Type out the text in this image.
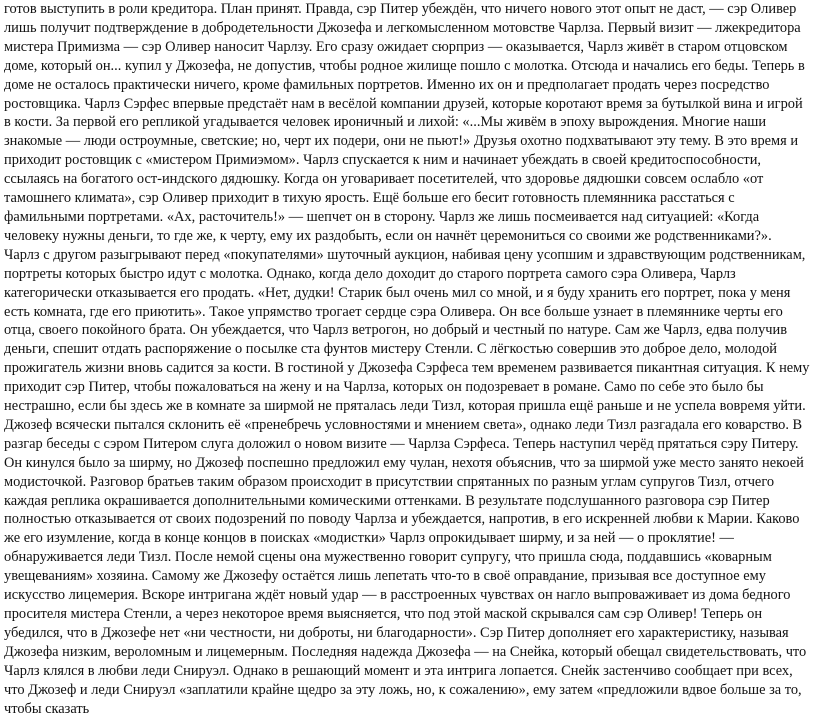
готов выступить в роли кредитора. План принят. Правда, сэр Питер убеждён, что ничего нового этот опыт не даст, — сэр Оливер лишь получит подтверждение в добродетельности Джозефа и легкомысленном мотовстве Чарлза. Первый визит — лжекредитора мистера Примизма — сэр Оливер наносит Чарлзу. Его сразу ожидает сюрприз — оказывается, Чарлз живёт в старом отцовском доме, который он... купил у Джозефа, не допустив, чтобы родное жилище пошло с молотка. Отсюда и начались его беды. Теперь в доме не осталось практически ничего, кроме фамильных портретов. Именно их он и предполагает продать через посредство ростовщика. Чарлз Сэрфес впервые предстаёт нам в весёлой компании друзей, которые коротают время за бутылкой вина и игрой в кости. За первой его репликой угадывается человек ироничный и лихой: «...Мы живём в эпоху вырождения. Многие наши знакомые — люди остроумные, светские; но, черт их подери, они не пьют!» Друзья охотно подхватывают эту тему. В это время и приходит ростовщик с «мистером Примиэмом». Чарлз спускается к ним и начинает убеждать в своей кредитоспособности, ссылаясь на богатого ост-индского дядюшку. Когда он уговаривает посетителей, что здоровье дядюшки совсем ослабло «от тамошнего климата», сэр Оливер приходит в тихую ярость. Ещё больше его бесит готовность племянника расстаться с фамильными портретами. «Ах, расточитель!» — шепчет он в сторону. Чарлз же лишь посмеивается над ситуацией: «Когда человеку нужны деньги, то где же, к черту, ему их раздобыть, если он начнёт церемониться со своими же родственниками?». Чарлз с другом разыгрывают перед «покупателями» шуточный аукцион, набивая цену усопшим и здравствующим родственникам, портреты которых быстро идут с молотка. Однако, когда дело доходит до старого портрета самого сэра Оливера, Чарлз категорически отказывается его продать. «Нет, дудки! Старик был очень мил со мной, и я буду хранить его портрет, пока у меня есть комната, где его приютить». Такое упрямство трогает сердце сэра Оливера. Он все больше узнает в племяннике черты его отца, своего покойного брата. Он убеждается, что Чарлз ветрогон, но добрый и честный по натуре. Сам же Чарлз, едва получив деньги, спешит отдать распоряжение о посылке ста фунтов мистеру Стенли. С лёгкостью совершив это доброе дело, молодой прожигатель жизни вновь садится за кости. В гостиной у Джозефа Сэрфеса тем временем развивается пикантная ситуация. К нему приходит сэр Питер, чтобы пожаловаться на жену и на Чарлза, которых он подозревает в романе. Само по себе это было бы нестрашно, если бы здесь же в комнате за ширмой не пряталась леди Тизл, которая пришла ещё раньше и не успела вовремя уйти. Джозеф всячески пытался склонить её «пренебречь условностями и мнением света», однако леди Тизл разгадала его коварство. В разгар беседы с сэром Питером слуга доложил о новом визите — Чарлза Сэрфеса. Теперь наступил черёд прятаться сэру Питеру. Он кинулся было за ширму, но Джозеф поспешно предложил ему чулан, нехотя объяснив, что за ширмой уже место занято некоей модисточкой. Разговор братьев таким образом происходит в присутствии спрятанных по разным углам супругов Тизл, отчего каждая реплика окрашивается дополнительными комическими оттенками. В результате подслушанного разговора сэр Питер полностью отказывается от своих подозрений по поводу Чарлза и убеждается, напротив, в его искренней любви к Марии. Каково же его изумление, когда в конце концов в поисках «модистки» Чарлз опрокидывает ширму, и за ней — о проклятие! — обнаруживается леди Тизл. После немой сцены она мужественно говорит супругу, что пришла сюда, поддавшись «коварным увещеваниям» хозяина. Самому же Джозефу остаётся лишь лепетать что-то в своё оправдание, призывая все доступное ему искусство лицемерия. Вскоре интригана ждёт новый удар — в расстроенных чувствах он нагло выпроваживает из дома бедного просителя мистера Стенли, а через некоторое время выясняется, что под этой маской скрывался сам сэр Оливер! Теперь он убедился, что в Джозефе нет «ни честности, ни доброты, ни благодарности». Сэр Питер дополняет его характеристику, называя Джозефа низким, вероломным и лицемерным. Последняя надежда Джозефа — на Снейка, который обещал свидетельствовать, что Чарлз клялся в любви леди Снируэл. Однако в решающий момент и эта интрига лопается. Снейк застенчиво сообщает при всех, что Джозеф и леди Снируэл «заплатили крайне щедро за эту ложь, но, к сожалению», ему затем «предложили вдвое больше за то, чтобы сказать
